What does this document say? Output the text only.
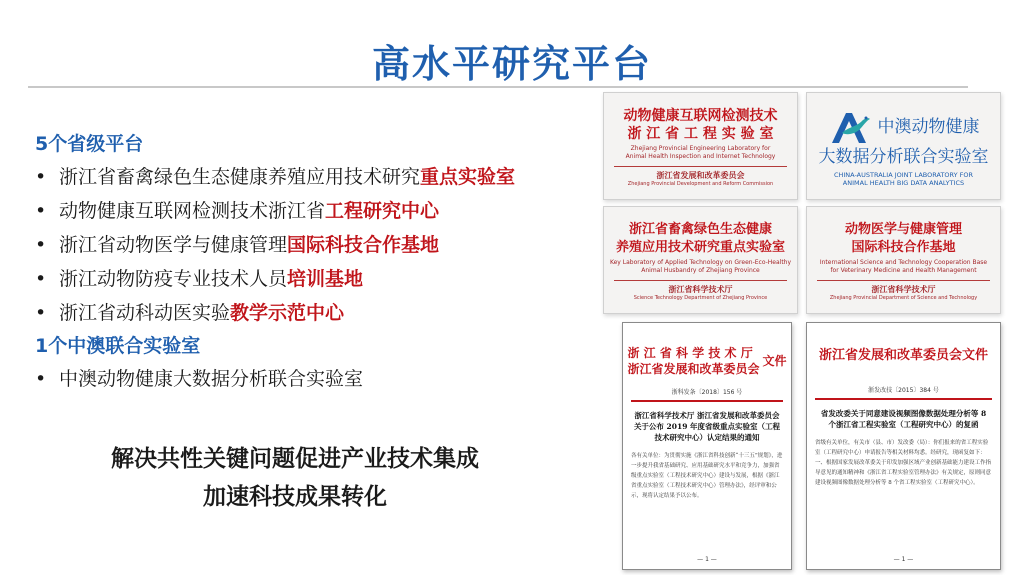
高水平研究平台
5个省级平台
• 浙江省畜禽绿色生态健康养殖应用技术研究重点实验室
• 动物健康互联网检测技术浙江省工程研究中心
• 浙江省动物医学与健康管理国际科技合作基地
• 浙江动物防疫专业技术人员培训基地
• 浙江省动科动医实验教学示范中心
1个中澳联合实验室
• 中澳动物健康大数据分析联合实验室
解决共性关键问题促进产业技术集成
加速科技成果转化
动物健康互联网检测技术
浙 江 省 工 程 实 验 室
Zhejiang Provincial Engineering Laboratory for
Animal Health Inspection and Internet Technology
浙江省发展和改革委员会
Zhejiang Provincial Development and Reform Commission
中澳动物健康
大数据分析联合实验室
CHINA-AUSTRALIA JOINT LABORATORY FOR
ANIMAL HEALTH BIG DATA ANALYTICS
浙江省畜禽绿色生态健康
养殖应用技术研究重点实验室
Key Laboratory of Applied Technology on Green-Eco-Healthy
Animal Husbandry of Zhejiang Province
浙江省科学技术厅
Science Technology Department of Zhejiang Province
动物医学与健康管理
国际科技合作基地
International Science and Technology Cooperation Base
for Veterinary Medicine and Health Management
浙江省科学技术厅
Zhejiang Provincial Department of Science and Technology
浙 江 省 科 学 技 术 厅
浙江省发展和改革委员会
文件
浙科发条〔2018〕156 号
浙江省科学技术厅 浙江省发展和改革委员会关于公布 2019 年度省级重点实验室（工程技术研究中心）认定结果的通知
各有关单位：为贯彻实施《浙江省科技创新“十三五”规划》，进一步提升我省基础研究、应用基础研究水平和竞争力，加强省级重点实验室（工程技术研究中心）建设与发展，根据《浙江省重点实验室（工程技术研究中心）管理办法》，经评审和公示，现将认定结果予以公布。
— 1 —
浙江省发展和改革委员会文件
浙发改技〔2015〕384 号
省发改委关于同意建设视频图像数据处理分析等 8 个浙江省工程实验室（工程研究中心）的复函
省级有关单位，有关市（县、市）发改委（局）：你们报来的省工程实验室（工程研究中心）申请报告等相关材料均悉。经研究，现函复如下：一、根据国家发展改革委关于印发加强区域产业创新基础能力建设工作指导意见的通知精神和《浙江省工程实验室管理办法》有关规定，原则同意建设视频图像数据处理分析等 8 个省工程实验室（工程研究中心）。
— 1 —
